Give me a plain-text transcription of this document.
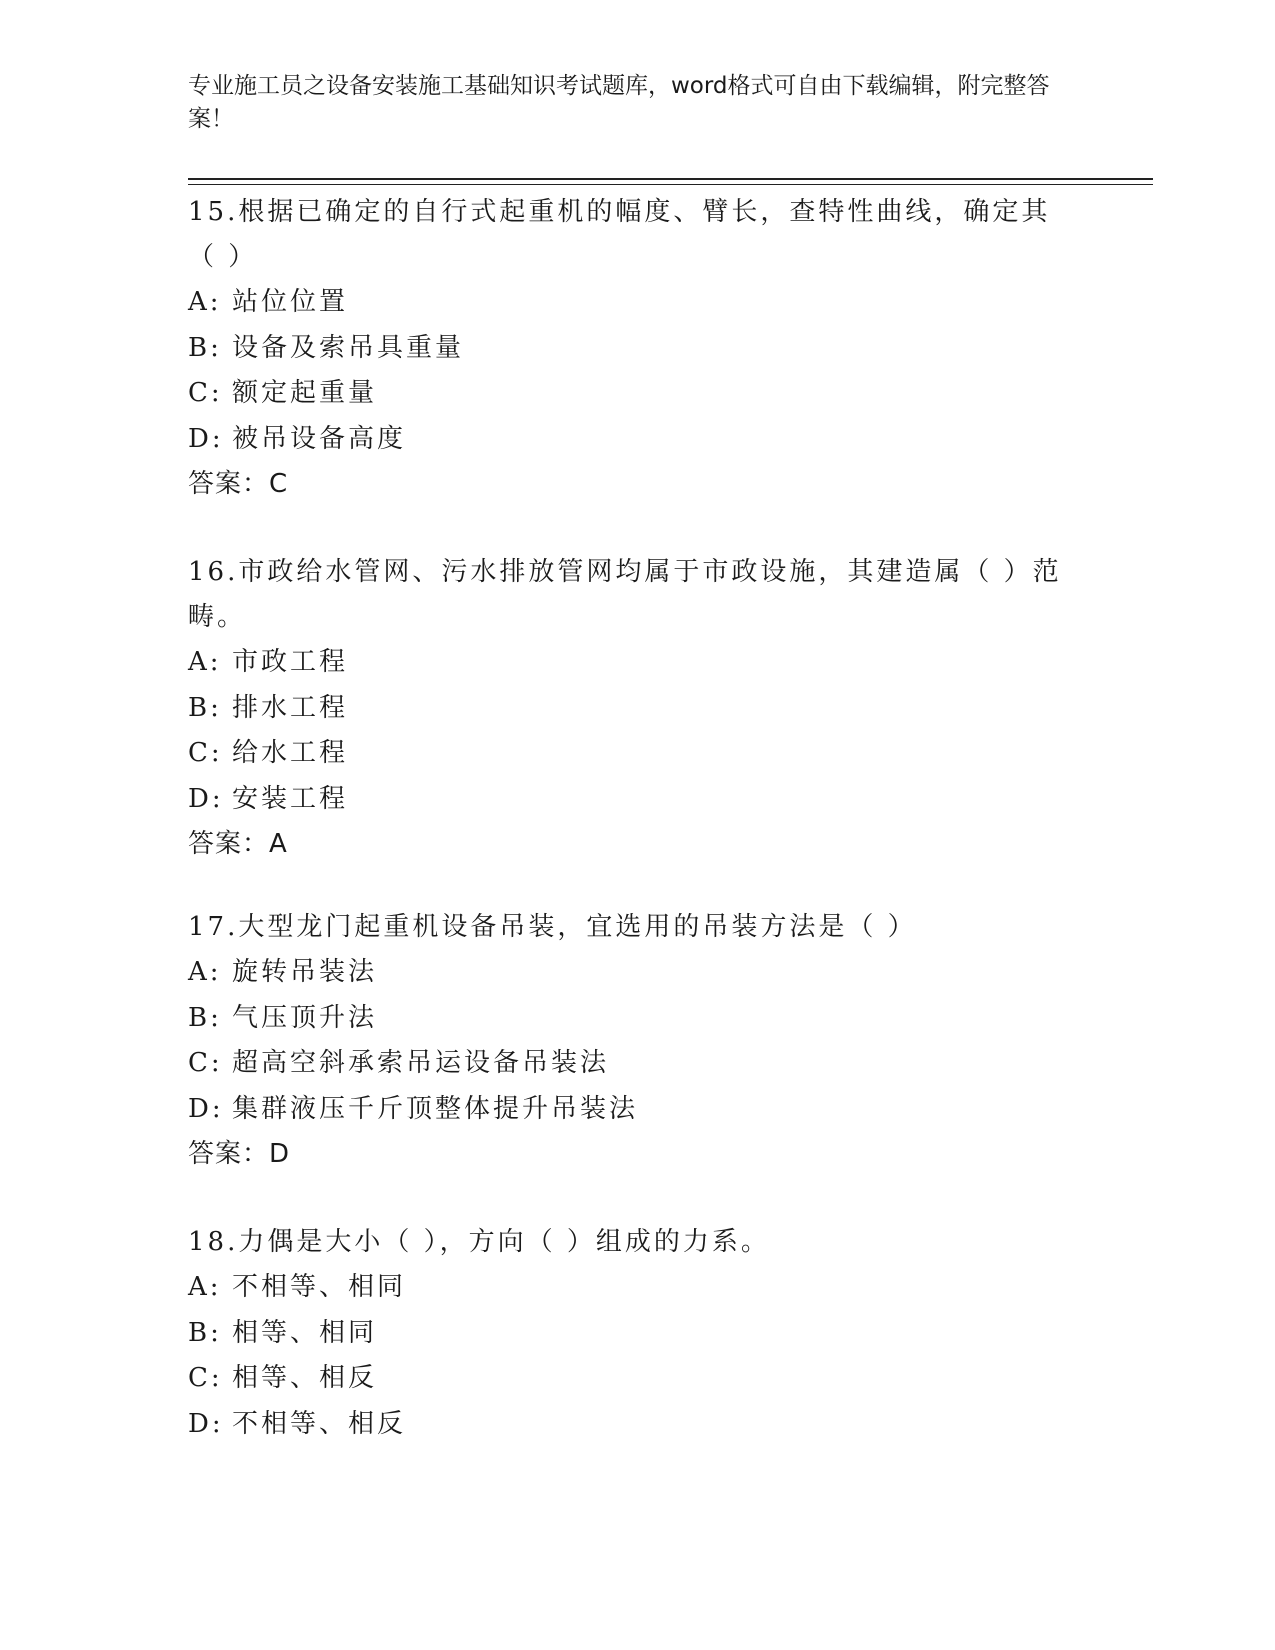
专业施工员之设备安装施工基础知识考试题库，word格式可自由下载编辑，附完整答案！

15.根据已确定的自行式起重机的幅度、臂长，查特性曲线，确定其（ ）

A: 站位位置

B: 设备及索吊具重量

C: 额定起重量

D: 被吊设备高度

答案：C

16.市政给水管网、污水排放管网均属于市政设施，其建造属（ ）范畴。

A: 市政工程

B: 排水工程

C: 给水工程

D: 安装工程

答案：A

17.大型龙门起重机设备吊装，宜选用的吊装方法是（ ）

A: 旋转吊装法

B: 气压顶升法

C: 超高空斜承索吊运设备吊装法

D: 集群液压千斤顶整体提升吊装法

答案：D

18.力偶是大小（ ），方向（ ）组成的力系。

A: 不相等、相同

B: 相等、相同

C: 相等、相反

D: 不相等、相反
